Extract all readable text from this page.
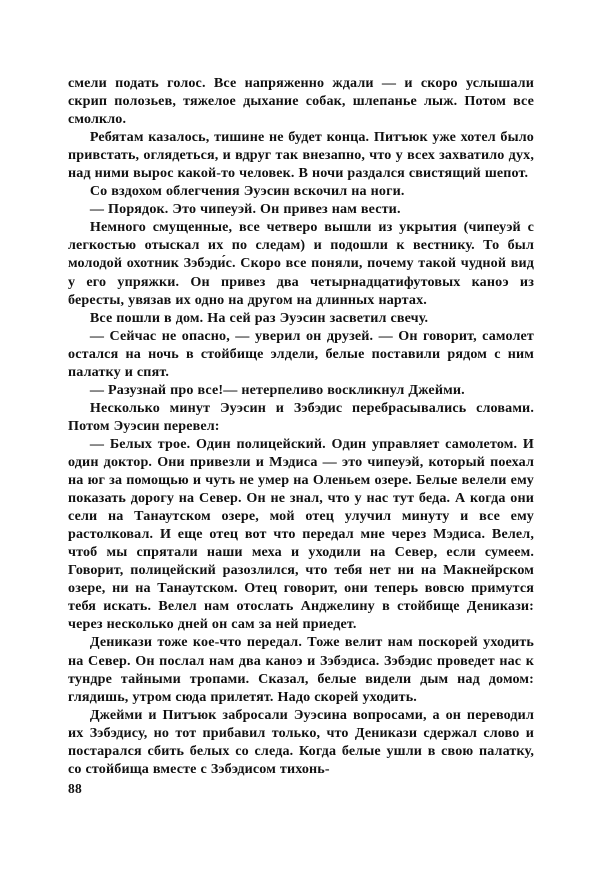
смели подать голос. Все напряженно ждали — и скоро услышали скрип полозьев, тяжелое дыхание собак, шлепанье лыж. Потом все смолкло.

Ребятам казалось, тишине не будет конца. Питъюк уже хотел было привстать, оглядеться, и вдруг так внезапно, что у всех захватило дух, над ними вырос какой-то человек. В ночи раздался свистящий шепот.

Со вздохом облегчения Эуэсин вскочил на ноги.

— Порядок. Это чипеуэй. Он привез нам вести.

Немного смущенные, все четверо вышли из укрытия (чипеуэй с легкостью отыскал их по следам) и подошли к вестнику. То был молодой охотник Зэбэди́с. Скоро все поняли, почему такой чудной вид у его упряжки. Он привез два четырнадцатифутовых каноэ из бересты, увязав их одно на другом на длинных нартах.

Все пошли в дом. На сей раз Эуэсин засветил свечу.

— Сейчас не опасно, — уверил он друзей. — Он говорит, самолет остался на ночь в стойбище элдели, белые поставили рядом с ним палатку и спят.

— Разузнай про все!— нетерпеливо воскликнул Джейми.

Несколько минут Эуэсин и Зэбэдис перебрасывались словами. Потом Эуэсин перевел:

— Белых трое. Один полицейский. Один управляет самолетом. И один доктор. Они привезли и Мэдиса — это чипеуэй, который поехал на юг за помощью и чуть не умер на Оленьем озере. Белые велели ему показать дорогу на Север. Он не знал, что у нас тут беда. А когда они сели на Танаутском озере, мой отец улучил минуту и все ему растолковал. И еще отец вот что передал мне через Мэдиса. Велел, чтоб мы спрятали наши меха и уходили на Север, если сумеем. Говорит, полицейский разозлился, что тебя нет ни на Макнейрском озере, ни на Танаутском. Отец говорит, они теперь вовсю примутся тебя искать. Велел нам отослать Анджелину в стойбище Деникази: через несколько дней он сам за ней приедет.

Деникази тоже кое-что передал. Тоже велит нам поскорей уходить на Север. Он послал нам два каноэ и Зэбэдиса. Зэбэдис проведет нас к тундре тайными тропами. Сказал, белые видели дым над домом: глядишь, утром сюда прилетят. Надо скорей уходить.

Джейми и Питъюк забросали Эуэсина вопросами, а он переводил их Зэбэдису, но тот прибавил только, что Деникази сдержал слово и постарался сбить белых со следа. Когда белые ушли в свою палатку, со стойбища вместе с Зэбэдисом тихонь-

88
